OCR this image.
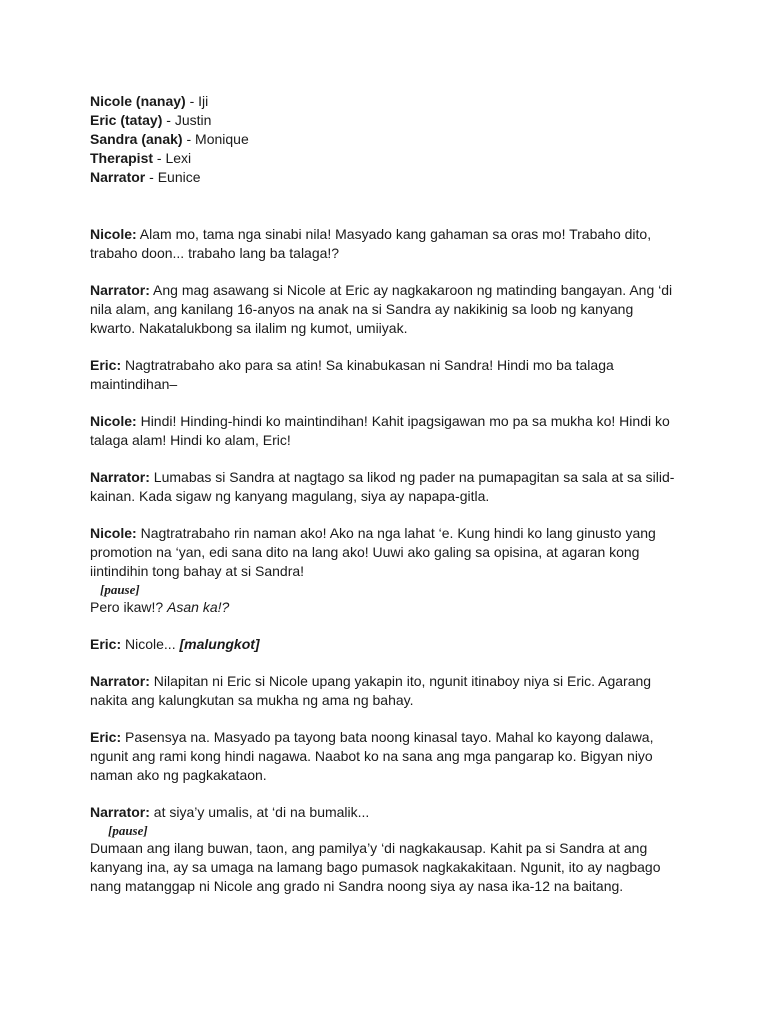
Nicole (nanay) - Iji

Eric (tatay) - Justin

Sandra (anak) - Monique

Therapist - Lexi

Narrator - Eunice

Nicole: Alam mo, tama nga sinabi nila! Masyado kang gahaman sa oras mo! Trabaho dito, trabaho doon... trabaho lang ba talaga!?

Narrator: Ang mag asawang si Nicole at Eric ay nagkakaroon ng matinding bangayan. Ang ‘di nila alam, ang kanilang 16-anyos na anak na si Sandra ay nakikinig sa loob ng kanyang kwarto. Nakatalukbong sa ilalim ng kumot, umiiyak.

Eric: Nagtratrabaho ako para sa atin! Sa kinabukasan ni Sandra! Hindi mo ba talaga maintindihan–

Nicole: Hindi! Hinding-hindi ko maintindihan! Kahit ipagsigawan mo pa sa mukha ko! Hindi ko talaga alam! Hindi ko alam, Eric!

Narrator: Lumabas si Sandra at nagtago sa likod ng pader na pumapagitan sa sala at sa silid-kainan. Kada sigaw ng kanyang magulang, siya ay napapa-gitla.

Nicole: Nagtratrabaho rin naman ako! Ako na nga lahat ‘e. Kung hindi ko lang ginusto yang promotion na ‘yan, edi sana dito na lang ako! Uuwi ako galing sa opisina, at agaran kong iintindihin tong bahay at si Sandra!

[pause]

Pero ikaw!? Asan ka!?

Eric: Nicole... [malungkot]

Narrator: Nilapitan ni Eric si Nicole upang yakapin ito, ngunit itinaboy niya si Eric. Agarang nakita ang kalungkutan sa mukha ng ama ng bahay.

Eric: Pasensya na. Masyado pa tayong bata noong kinasal tayo. Mahal ko kayong dalawa, ngunit ang rami kong hindi nagawa. Naabot ko na sana ang mga pangarap ko. Bigyan niyo naman ako ng pagkakataon.

Narrator: at siya’y umalis, at ‘di na bumalik...

[pause]

Dumaan ang ilang buwan, taon, ang pamilya’y ‘di nagkakausap. Kahit pa si Sandra at ang kanyang ina, ay sa umaga na lamang bago pumasok nagkakakitaan. Ngunit, ito ay nagbago nang matanggap ni Nicole ang grado ni Sandra noong siya ay nasa ika-12 na baitang.
